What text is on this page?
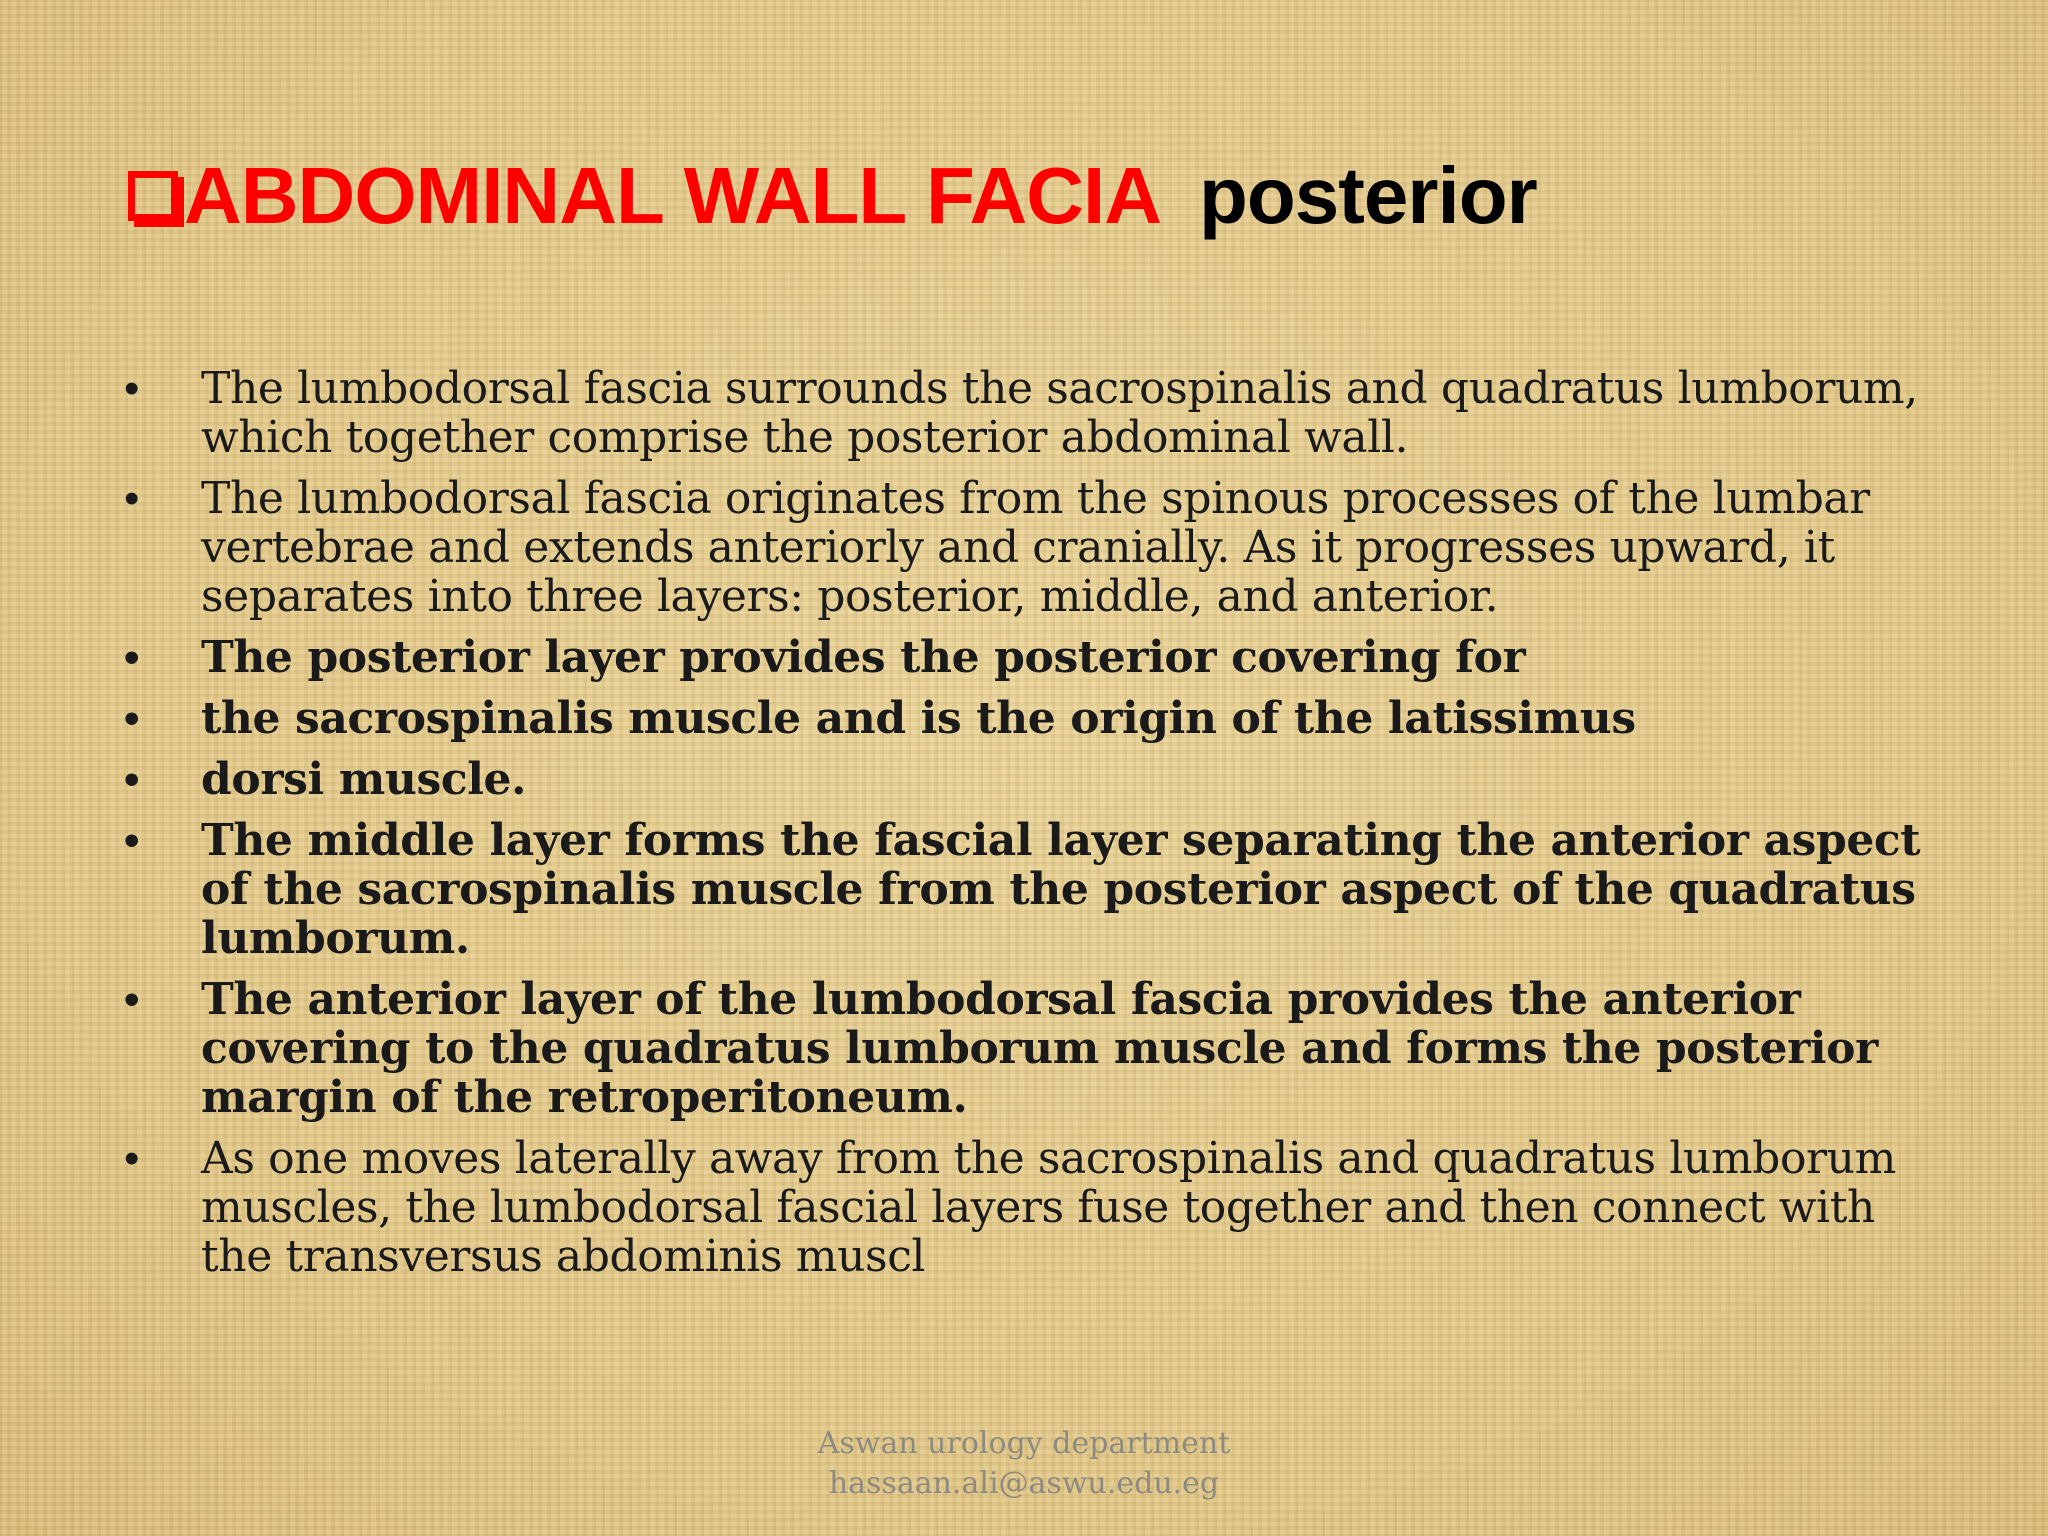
ABDOMINAL WALL FACIA posterior
•	The lumbodorsal fascia surrounds the sacrospinalis and quadratus lumborum, which together comprise the posterior abdominal wall.
•	The lumbodorsal fascia originates from the spinous processes of the lumbar vertebrae and extends anteriorly and cranially. As it progresses upward, it separates into three layers: posterior, middle, and anterior.
•	The posterior layer provides the posterior covering for
•	the sacrospinalis muscle and is the origin of the latissimus
•	dorsi muscle.
•	The middle layer forms the fascial layer separating the anterior aspect of the sacrospinalis muscle from the posterior aspect of the quadratus lumborum.
•	The anterior layer of the lumbodorsal fascia provides the anterior covering to the quadratus lumborum muscle and forms the posterior margin of the retroperitoneum.
•	As one moves laterally away from the sacrospinalis and quadratus lumborum muscles, the lumbodorsal fascial layers fuse together and then connect with the transversus abdominis muscl
Aswan urology department
hassaan.ali@aswu.edu.eg
